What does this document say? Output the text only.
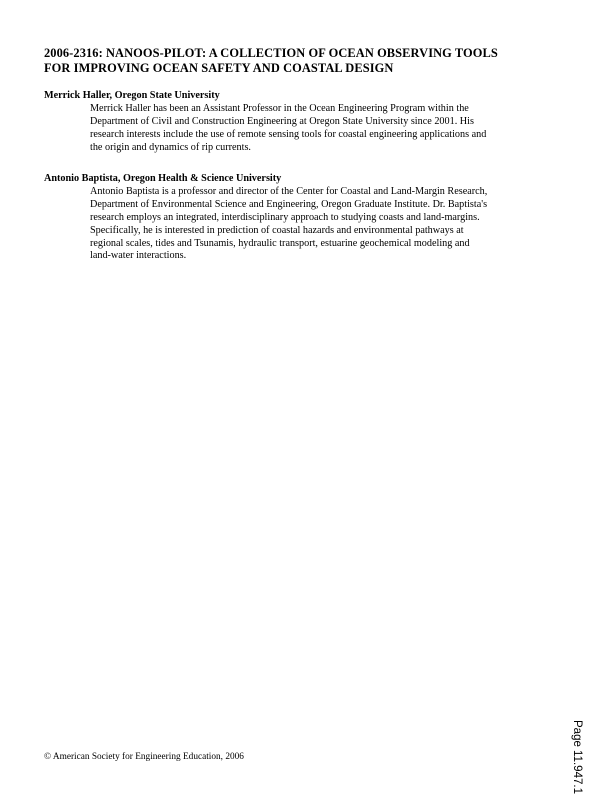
2006-2316: NANOOS-PILOT: A COLLECTION OF OCEAN OBSERVING TOOLS
FOR IMPROVING OCEAN SAFETY AND COASTAL DESIGN
Merrick Haller, Oregon State University
Merrick Haller has been an Assistant Professor in the Ocean Engineering Program within the
Department of Civil and Construction Engineering at Oregon State University since 2001. His
research interests include the use of remote sensing tools for coastal engineering applications and
the origin and dynamics of rip currents.
Antonio Baptista, Oregon Health & Science University
Antonio Baptista is a professor and director of the Center for Coastal and Land-Margin Research,
Department of Environmental Science and Engineering, Oregon Graduate Institute. Dr. Baptista's
research employs an integrated, interdisciplinary approach to studying coasts and land-margins.
Specifically, he is interested in prediction of coastal hazards and environmental pathways at
regional scales, tides and Tsunamis, hydraulic transport, estuarine geochemical modeling and
land-water interactions.
© American Society for Engineering Education, 2006	Page 11.947.1
